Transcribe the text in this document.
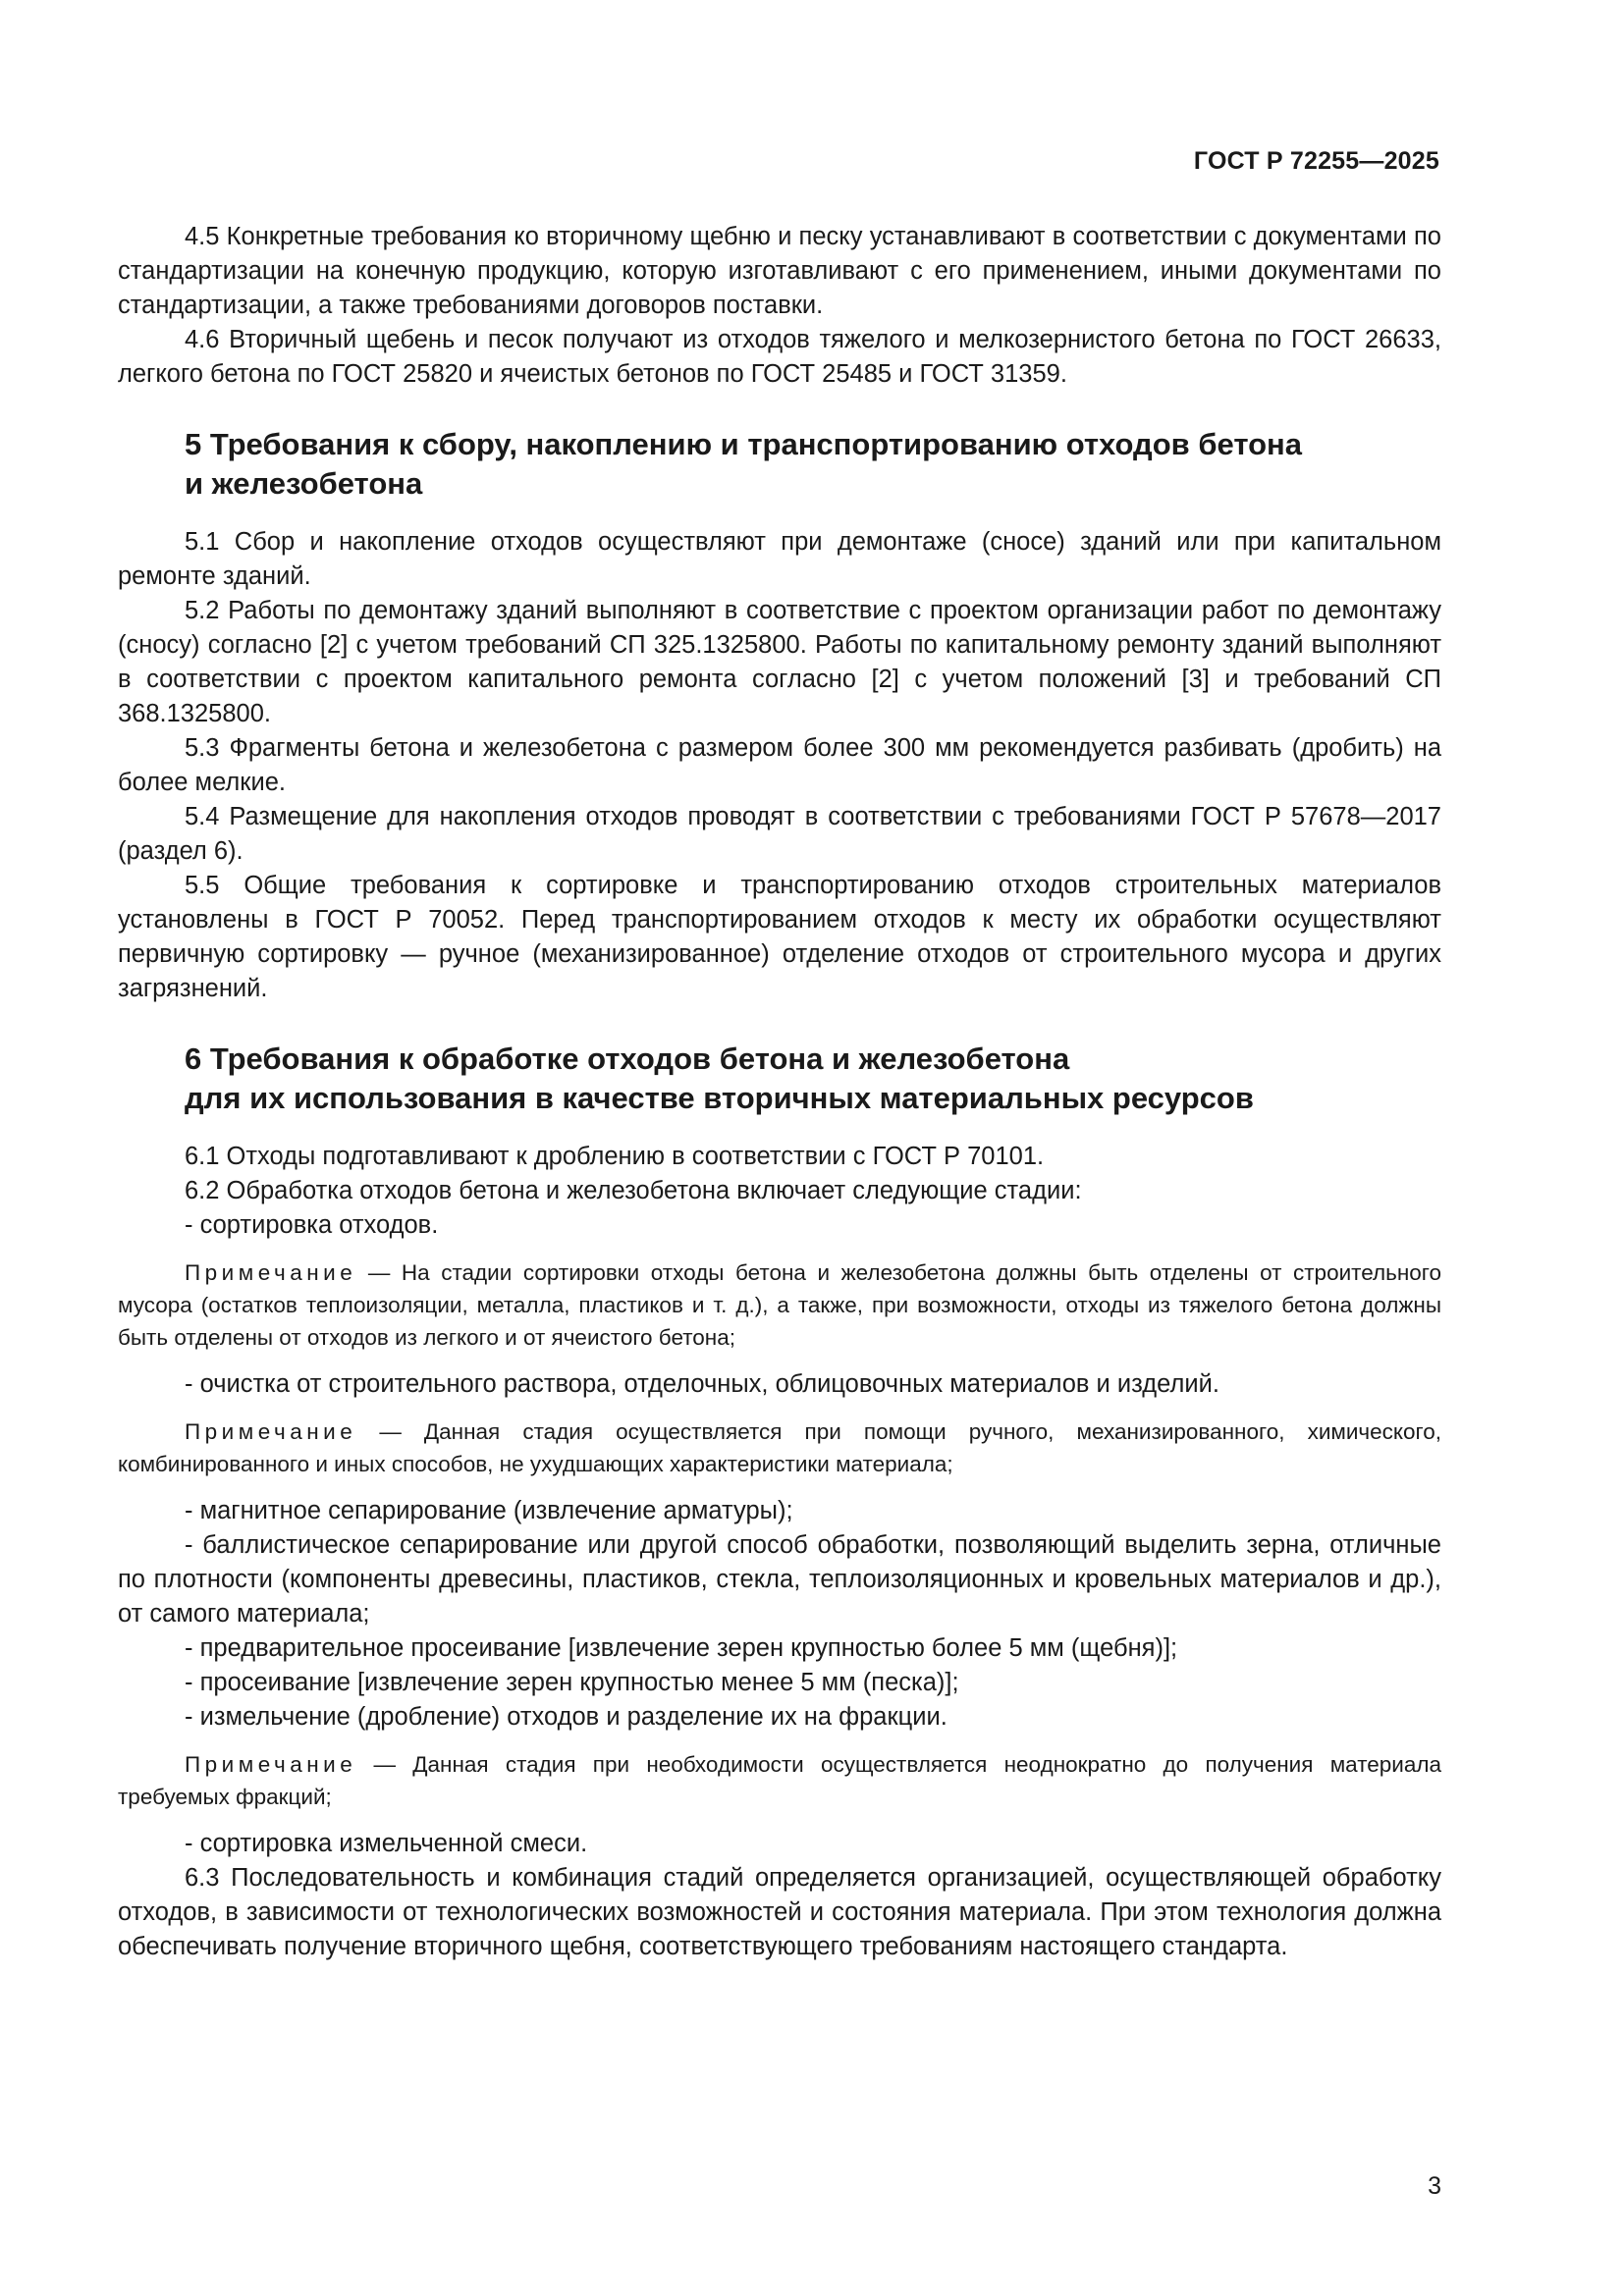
ГОСТ Р 72255—2025

4.5 Конкретные требования ко вторичному щебню и песку устанавливают в соответствии с документами по стандартизации на конечную продукцию, которую изготавливают с его применением, иными документами по стандартизации, а также требованиями договоров поставки.

4.6 Вторичный щебень и песок получают из отходов тяжелого и мелкозернистого бетона по ГОСТ 26633, легкого бетона по ГОСТ 25820 и ячеистых бетонов по ГОСТ 25485 и ГОСТ 31359.

5 Требования к сбору, накоплению и транспортированию отходов бетона
и железобетона

5.1 Сбор и накопление отходов осуществляют при демонтаже (сносе) зданий или при капитальном ремонте зданий.

5.2 Работы по демонтажу зданий выполняют в соответствие с проектом организации работ по демонтажу (сносу) согласно [2] с учетом требований СП 325.1325800. Работы по капитальному ремонту зданий выполняют в соответствии с проектом капитального ремонта согласно [2] с учетом положений [3] и требований СП 368.1325800.

5.3 Фрагменты бетона и железобетона с размером более 300 мм рекомендуется разбивать (дробить) на более мелкие.

5.4 Размещение для накопления отходов проводят в соответствии с требованиями ГОСТ Р 57678—2017 (раздел 6).

5.5 Общие требования к сортировке и транспортированию отходов строительных материалов установлены в ГОСТ Р 70052. Перед транспортированием отходов к месту их обработки осуществляют первичную сортировку — ручное (механизированное) отделение отходов от строительного мусора и других загрязнений.

6 Требования к обработке отходов бетона и железобетона
для их использования в качестве вторичных материальных ресурсов

6.1 Отходы подготавливают к дроблению в соответствии с ГОСТ Р 70101.

6.2 Обработка отходов бетона и железобетона включает следующие стадии:

- сортировка отходов.

Примечание — На стадии сортировки отходы бетона и железобетона должны быть отделены от строительного мусора (остатков теплоизоляции, металла, пластиков и т. д.), а также, при возможности, отходы из тяжелого бетона должны быть отделены от отходов из легкого и от ячеистого бетона;

- очистка от строительного раствора, отделочных, облицовочных материалов и изделий.

Примечание — Данная стадия осуществляется при помощи ручного, механизированного, химического, комбинированного и иных способов, не ухудшающих характеристики материала;

- магнитное сепарирование (извлечение арматуры);

- баллистическое сепарирование или другой способ обработки, позволяющий выделить зерна, отличные по плотности (компоненты древесины, пластиков, стекла, теплоизоляционных и кровельных материалов и др.), от самого материала;

- предварительное просеивание [извлечение зерен крупностью более 5 мм (щебня)];

- просеивание [извлечение зерен крупностью менее 5 мм (песка)];

- измельчение (дробление) отходов и разделение их на фракции.

Примечание — Данная стадия при необходимости осуществляется неоднократно до получения материала требуемых фракций;

- сортировка измельченной смеси.

6.3 Последовательность и комбинация стадий определяется организацией, осуществляющей обработку отходов, в зависимости от технологических возможностей и состояния материала. При этом технология должна обеспечивать получение вторичного щебня, соответствующего требованиям настоящего стандарта.

3
